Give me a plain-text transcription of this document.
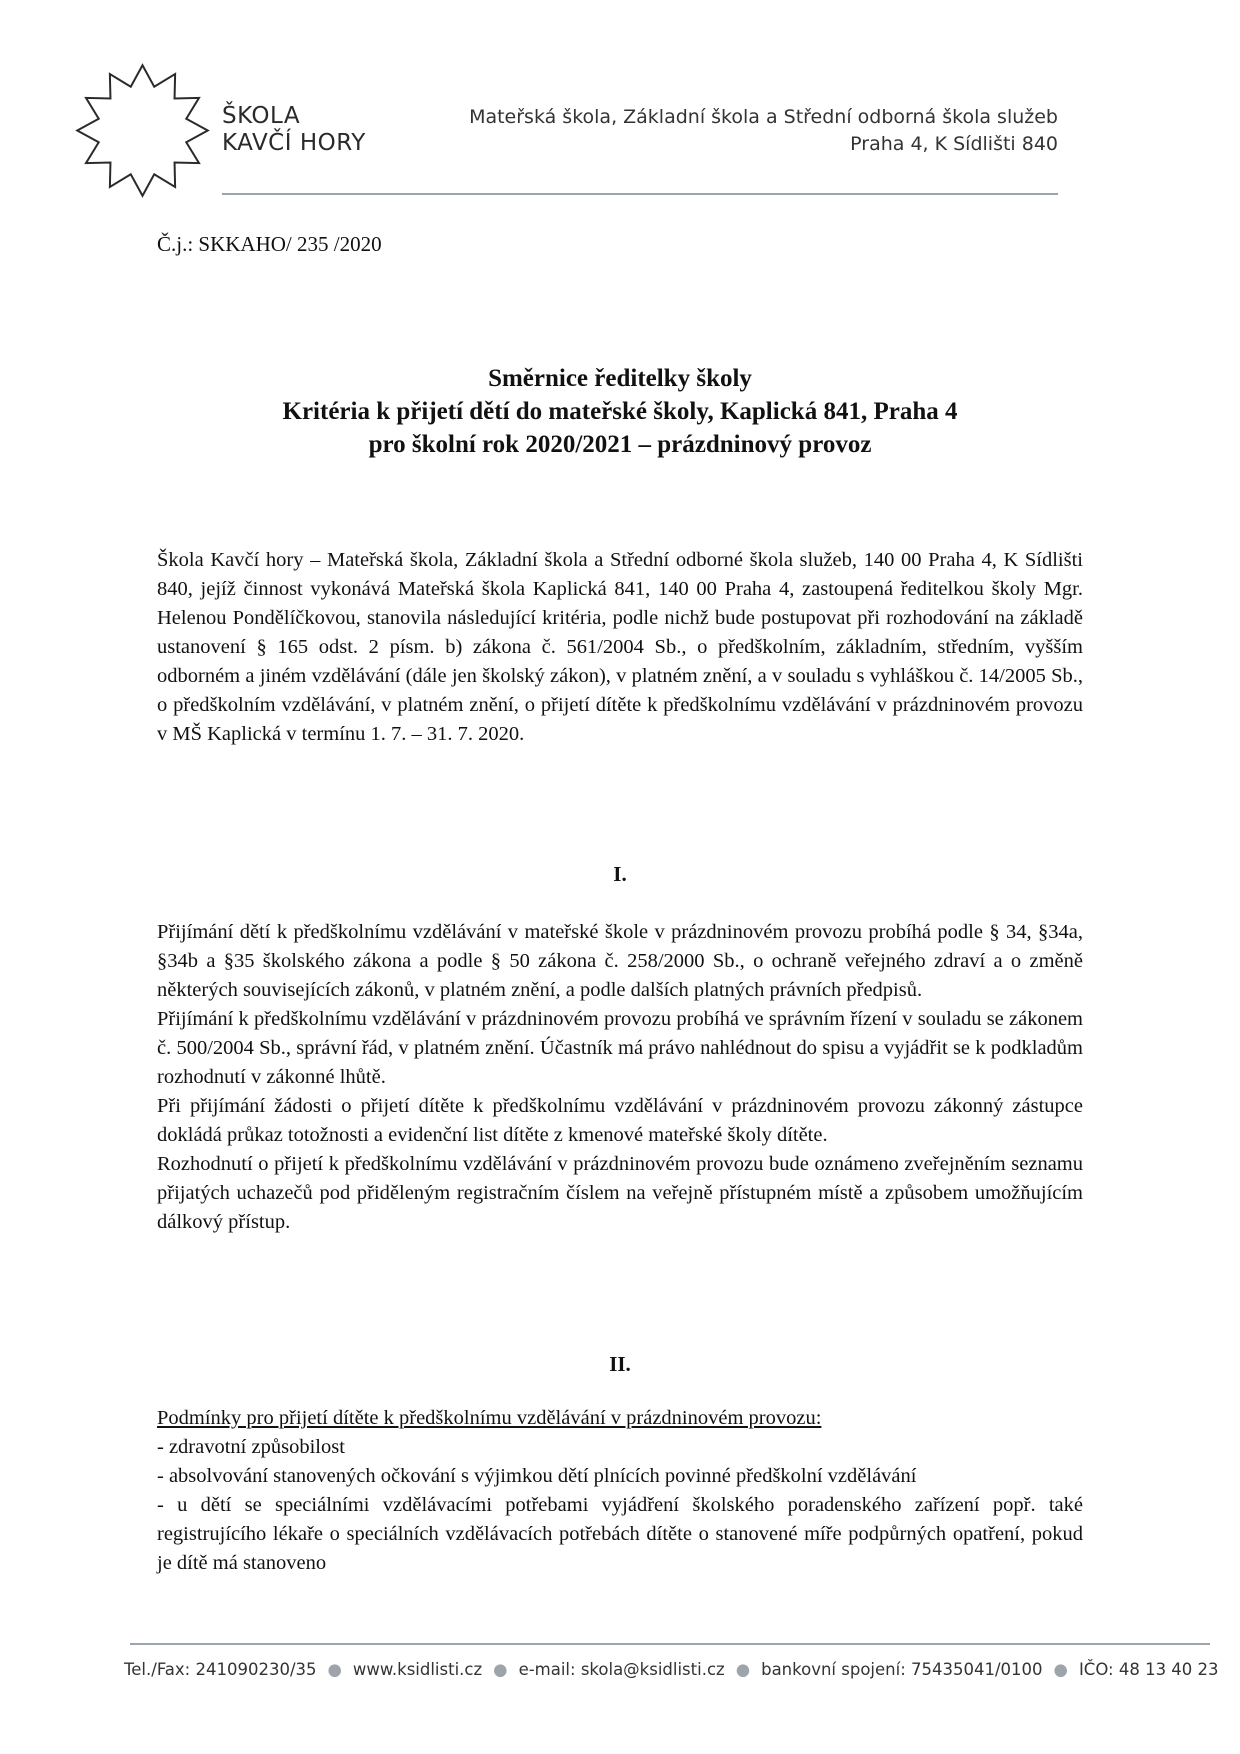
ŠKOLA
KAVČÍ HORY
Mateřská škola, Základní škola a Střední odborná škola služeb
Praha 4, K Sídlišti 840
Č.j.: SKKAHO/ 235 /2020
Směrnice ředitelky školy
Kritéria k přijetí dětí do mateřské školy, Kaplická 841, Praha 4
pro školní rok 2020/2021 – prázdninový provoz

Škola Kavčí hory – Mateřská škola, Základní škola a Střední odborné škola služeb, 140 00 Praha 4, K Sídlišti 840, jejíž činnost vykonává Mateřská škola Kaplická 841, 140 00 Praha 4, zastoupená ředitelkou školy Mgr. Helenou Pondělíčkovou, stanovila následující kritéria, podle nichž bude postupovat při rozhodování na základě ustanovení § 165 odst. 2 písm. b) zákona č. 561/2004 Sb., o předškolním, základním, středním, vyšším odborném a jiném vzdělávání (dále jen školský zákon), v platném znění, a v souladu s vyhláškou č. 14/2005 Sb., o předškolním vzdělávání, v platném znění, o přijetí dítěte k předškolnímu vzdělávání v prázdninovém provozu v MŠ Kaplická v termínu 1. 7. – 31. 7. 2020.

I.

Přijímání dětí k předškolnímu vzdělávání v mateřské škole v prázdninovém provozu probíhá podle § 34, §34a, §34b a §35 školského zákona a podle § 50 zákona č. 258/2000 Sb., o ochraně veřejného zdraví a o změně některých souvisejících zákonů, v platném znění, a podle dalších platných právních předpisů.

Přijímání k předškolnímu vzdělávání v prázdninovém provozu probíhá ve správním řízení v souladu se zákonem č. 500/2004 Sb., správní řád, v platném znění. Účastník má právo nahlédnout do spisu a vyjádřit se k podkladům rozhodnutí v zákonné lhůtě.

Při přijímání žádosti o přijetí dítěte k předškolnímu vzdělávání v prázdninovém provozu zákonný zástupce dokládá průkaz totožnosti a evidenční list dítěte z kmenové mateřské školy dítěte.

Rozhodnutí o přijetí k předškolnímu vzdělávání v prázdninovém provozu bude oznámeno zveřejněním seznamu přijatých uchazečů pod přiděleným registračním číslem na veřejně přístupném místě a způsobem umožňujícím dálkový přístup.

II.

Podmínky pro přijetí dítěte k předškolnímu vzdělávání v prázdninovém provozu:

- zdravotní způsobilost

- absolvování stanovených očkování s výjimkou dětí plnících povinné předškolní vzdělávání

- u dětí se speciálními vzdělávacími potřebami vyjádření školského poradenského zařízení popř. také registrujícího lékaře o speciálních vzdělávacích potřebách dítěte o stanovené míře podpůrných opatření, pokud je dítě má stanoveno

Tel./Fax: 241090230/35 ● www.ksidlisti.cz ● e-mail: skola@ksidlisti.cz ● bankovní spojení: 75435041/0100 ● IČO: 48 13 40 23
